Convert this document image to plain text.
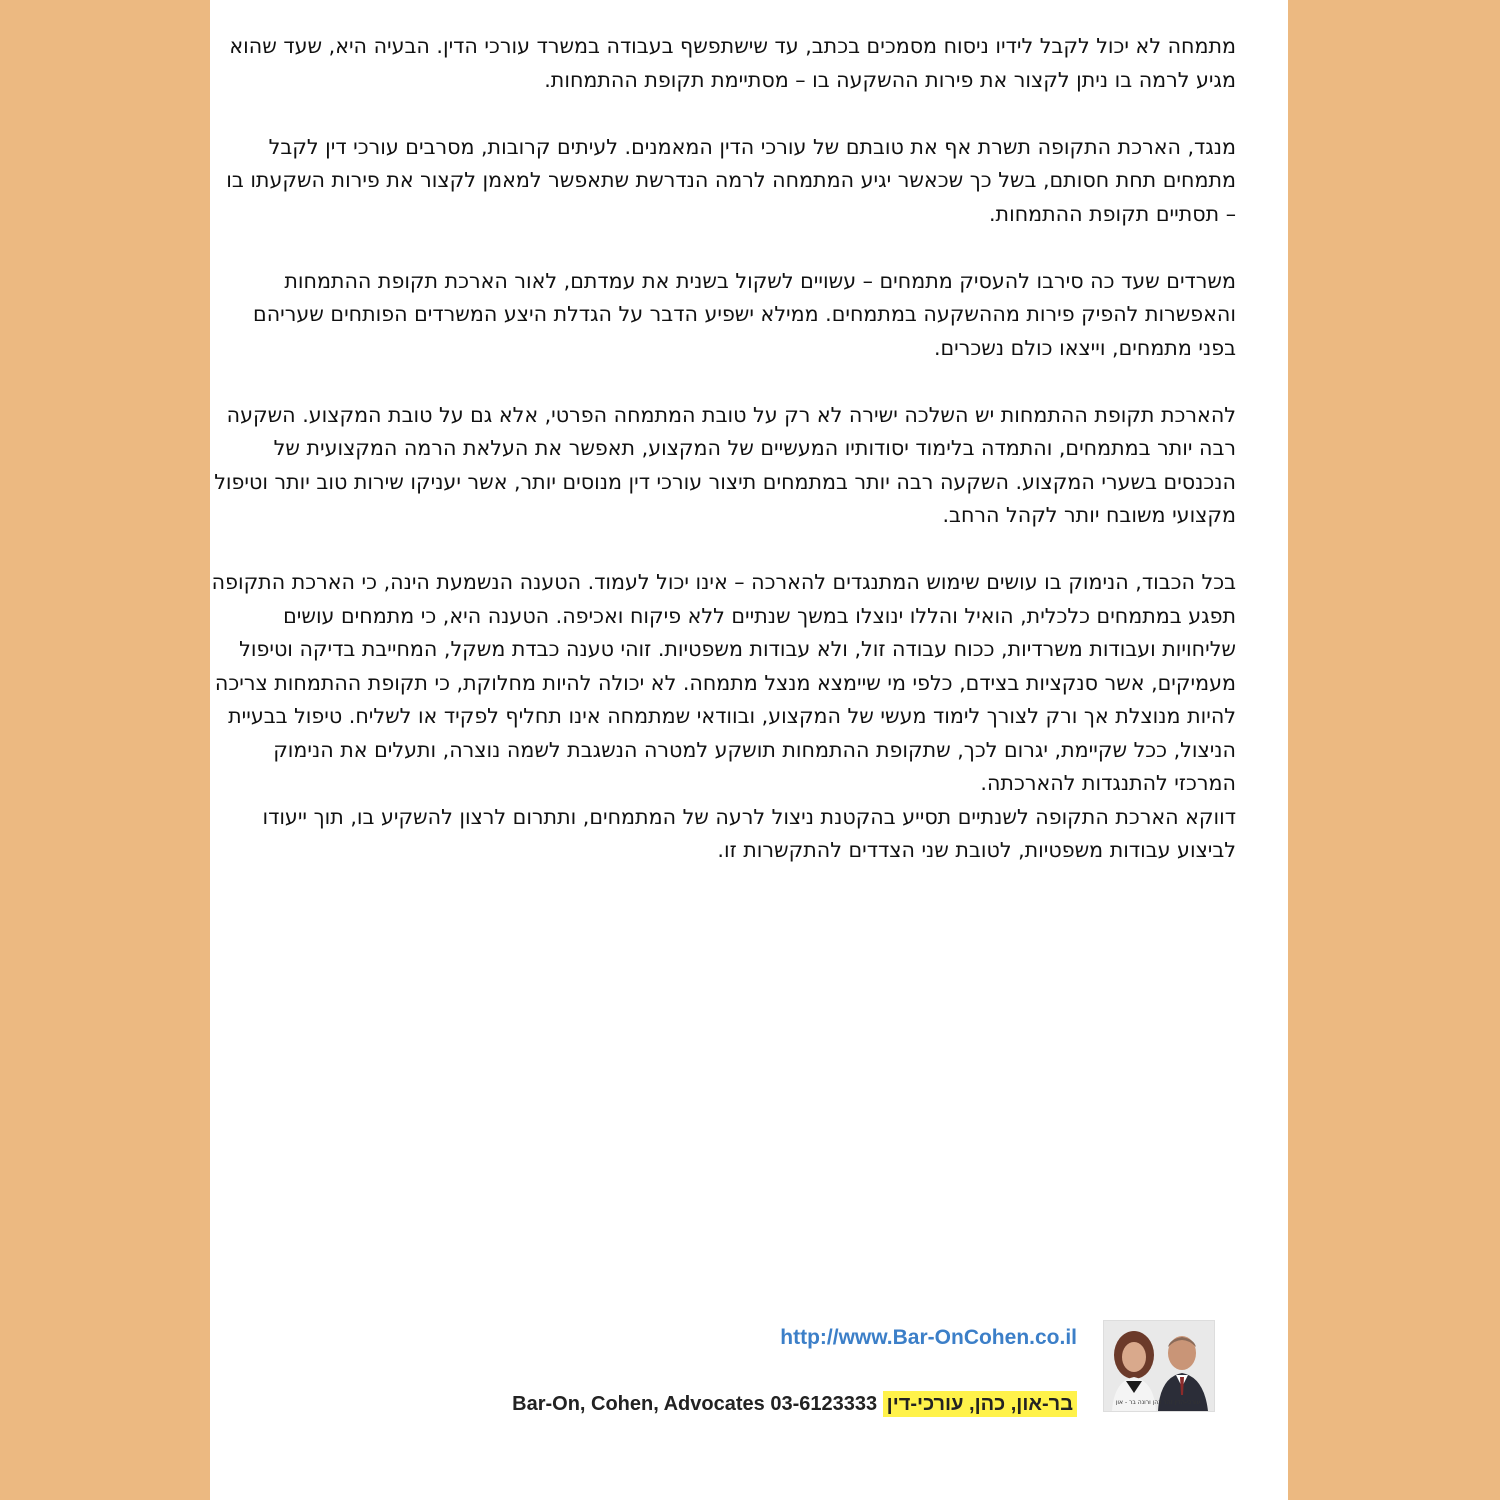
מתמחה לא יכול לקבל לידיו ניסוח מסמכים בכתב, עד שישתפשף בעבודה במשרד עורכי הדין. הבעיה היא, שעד שהוא מגיע לרמה בו ניתן לקצור את פירות ההשקעה בו – מסתיימת תקופת ההתמחות.

מנגד, הארכת התקופה תשרת אף את טובתם של עורכי הדין המאמנים. לעיתים קרובות, מסרבים עורכי דין לקבל מתמחים תחת חסותם, בשל כך שכאשר יגיע המתמחה לרמה הנדרשת שתאפשר למאמן לקצור את פירות השקעתו בו – תסתיים תקופת ההתמחות.

משרדים שעד כה סירבו להעסיק מתמחים – עשויים לשקול בשנית את עמדתם, לאור הארכת תקופת ההתמחות והאפשרות להפיק פירות מההשקעה במתמחים. ממילא ישפיע הדבר על הגדלת היצע המשרדים הפותחים שעריהם בפני מתמחים, וייצאו כולם נשכרים.

להארכת תקופת ההתמחות יש השלכה ישירה לא רק על טובת המתמחה הפרטי, אלא גם על טובת המקצוע. השקעה רבה יותר במתמחים, והתמדה בלימוד יסודותיו המעשיים של המקצוע, תאפשר את העלאת הרמה המקצועית של הנכנסים בשערי המקצוע. השקעה רבה יותר במתמחים תיצור עורכי דין מנוסים יותר, אשר יעניקו שירות טוב יותר וטיפול מקצועי משובח יותר לקהל הרחב.

בכל הכבוד, הנימוק בו עושים שימוש המתנגדים להארכה – אינו יכול לעמוד. הטענה הנשמעת הינה, כי הארכת התקופה תפגע במתמחים כלכלית, הואיל והללו ינוצלו במשך שנתיים ללא פיקוח ואכיפה. הטענה היא, כי מתמחים עושים שליחויות ועבודות משרדיות, ככוח עבודה זול, ולא עבודות משפטיות. זוהי טענה כבדת משקל, המחייבת בדיקה וטיפול מעמיקים, אשר סנקציות בצידם, כלפי מי שיימצא מנצל מתמחה. לא יכולה להיות מחלוקת, כי תקופת ההתמחות צריכה להיות מנוצלת אך ורק לצורך לימוד מעשי של המקצוע, ובוודאי שמתמחה אינו תחליף לפקיד או לשליח. טיפול בבעיית הניצול, ככל שקיימת, יגרום לכך, שתקופת ההתמחות תושקע למטרה הנשגבת לשמה נוצרה, ותעלים את הנימוק המרכזי להתנגדות להארכתה.

דווקא הארכת התקופה לשנתיים תסייע בהקטנת ניצול לרעה של המתמחים, ותתרום לרצון להשקיע בו, תוך ייעודו לביצוע עבודות משפטיות, לטובת שני הצדדים להתקשרות זו.

http://www.Bar-OnCohen.co.il
עורכי-הדין זהר כהן ורונה בר - און
Bar-On, Cohen, Advocates 03-6123333 בר-און, כהן, עורכי-דין
